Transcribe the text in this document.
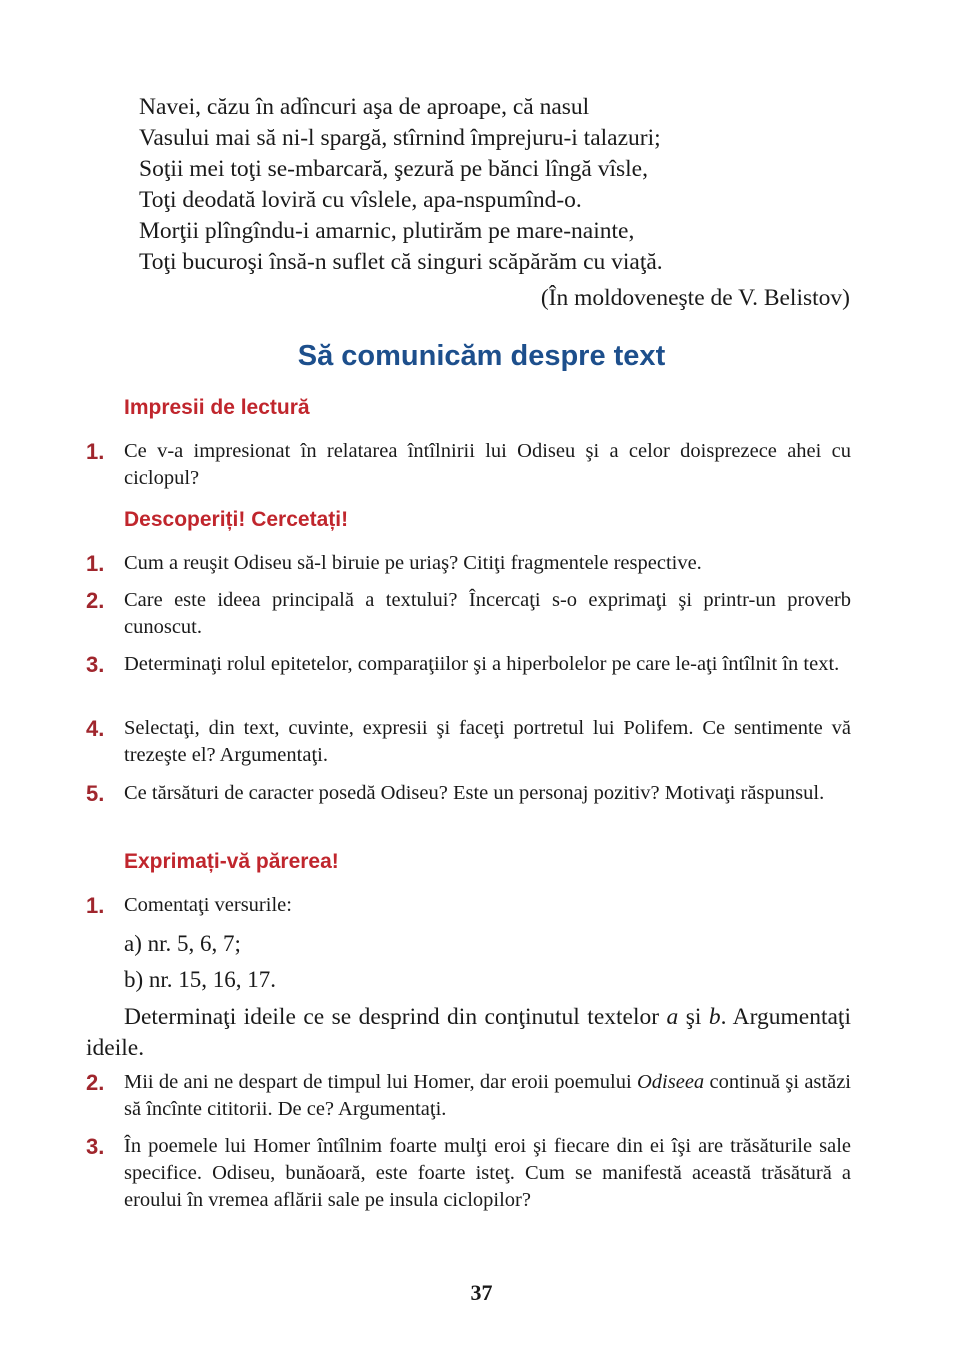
Navei, căzu în adîncuri aşa de aproape, că nasul
Vasului mai să ni-l spargă, stîrnind împrejuru-i talazuri;
Soţii mei toţi se-mbarcară, şezură pe bănci lîngă vîsle,
Toţi deodată loviră cu vîslele, apa-nspumînd-o.
Morţii plîngîndu-i amarnic, plutirăm pe mare-nainte,
Toţi bucuroşi însă-n suflet că singuri scăpărăm cu viaţă.
(În moldoveneşte de V. Belistov)
Să comunicăm despre text
Impresii de lectură
1. Ce v-a impresionat în relatarea întîlnirii lui Odiseu şi a celor doisprezece ahei cu ciclopul?
Descoperiți! Cercetați!
1. Cum a reuşit Odiseu să-l biruie pe uriaş? Citiţi fragmentele respective.
2. Care este ideea principală a textului? Încercaţi s-o exprimaţi şi printr-un proverb cunoscut.
3. Determinaţi rolul epitetelor, comparaţiilor şi a hiperbolelor pe care le-aţi întîlnit în text.
4. Selectaţi, din text, cuvinte, expresii şi faceţi portretul lui Polifem. Ce sentimente vă trezeşte el? Argumentaţi.
5. Ce tărsături de caracter posedă Odiseu? Este un personaj pozitiv? Motivaţi răspunsul.
Exprimați-vă părerea!
1. Comentaţi versurile:
a) nr. 5, 6, 7;
b) nr. 15, 16, 17.
Determinaţi ideile ce se desprind din conţinutul textelor a şi b. Argumentaţi ideile.
2. Mii de ani ne despart de timpul lui Homer, dar eroii poemului Odiseea continuă şi astăzi să încînte cititorii. De ce? Argumentaţi.
3. În poemele lui Homer întîlnim foarte mulţi eroi şi fiecare din ei îşi are trăsăturile sale specifice. Odiseu, bunăoară, este foarte isteţ. Cum se manifestă această trăsătură a eroului în vremea aflării sale pe insula ciclopilor?
37
